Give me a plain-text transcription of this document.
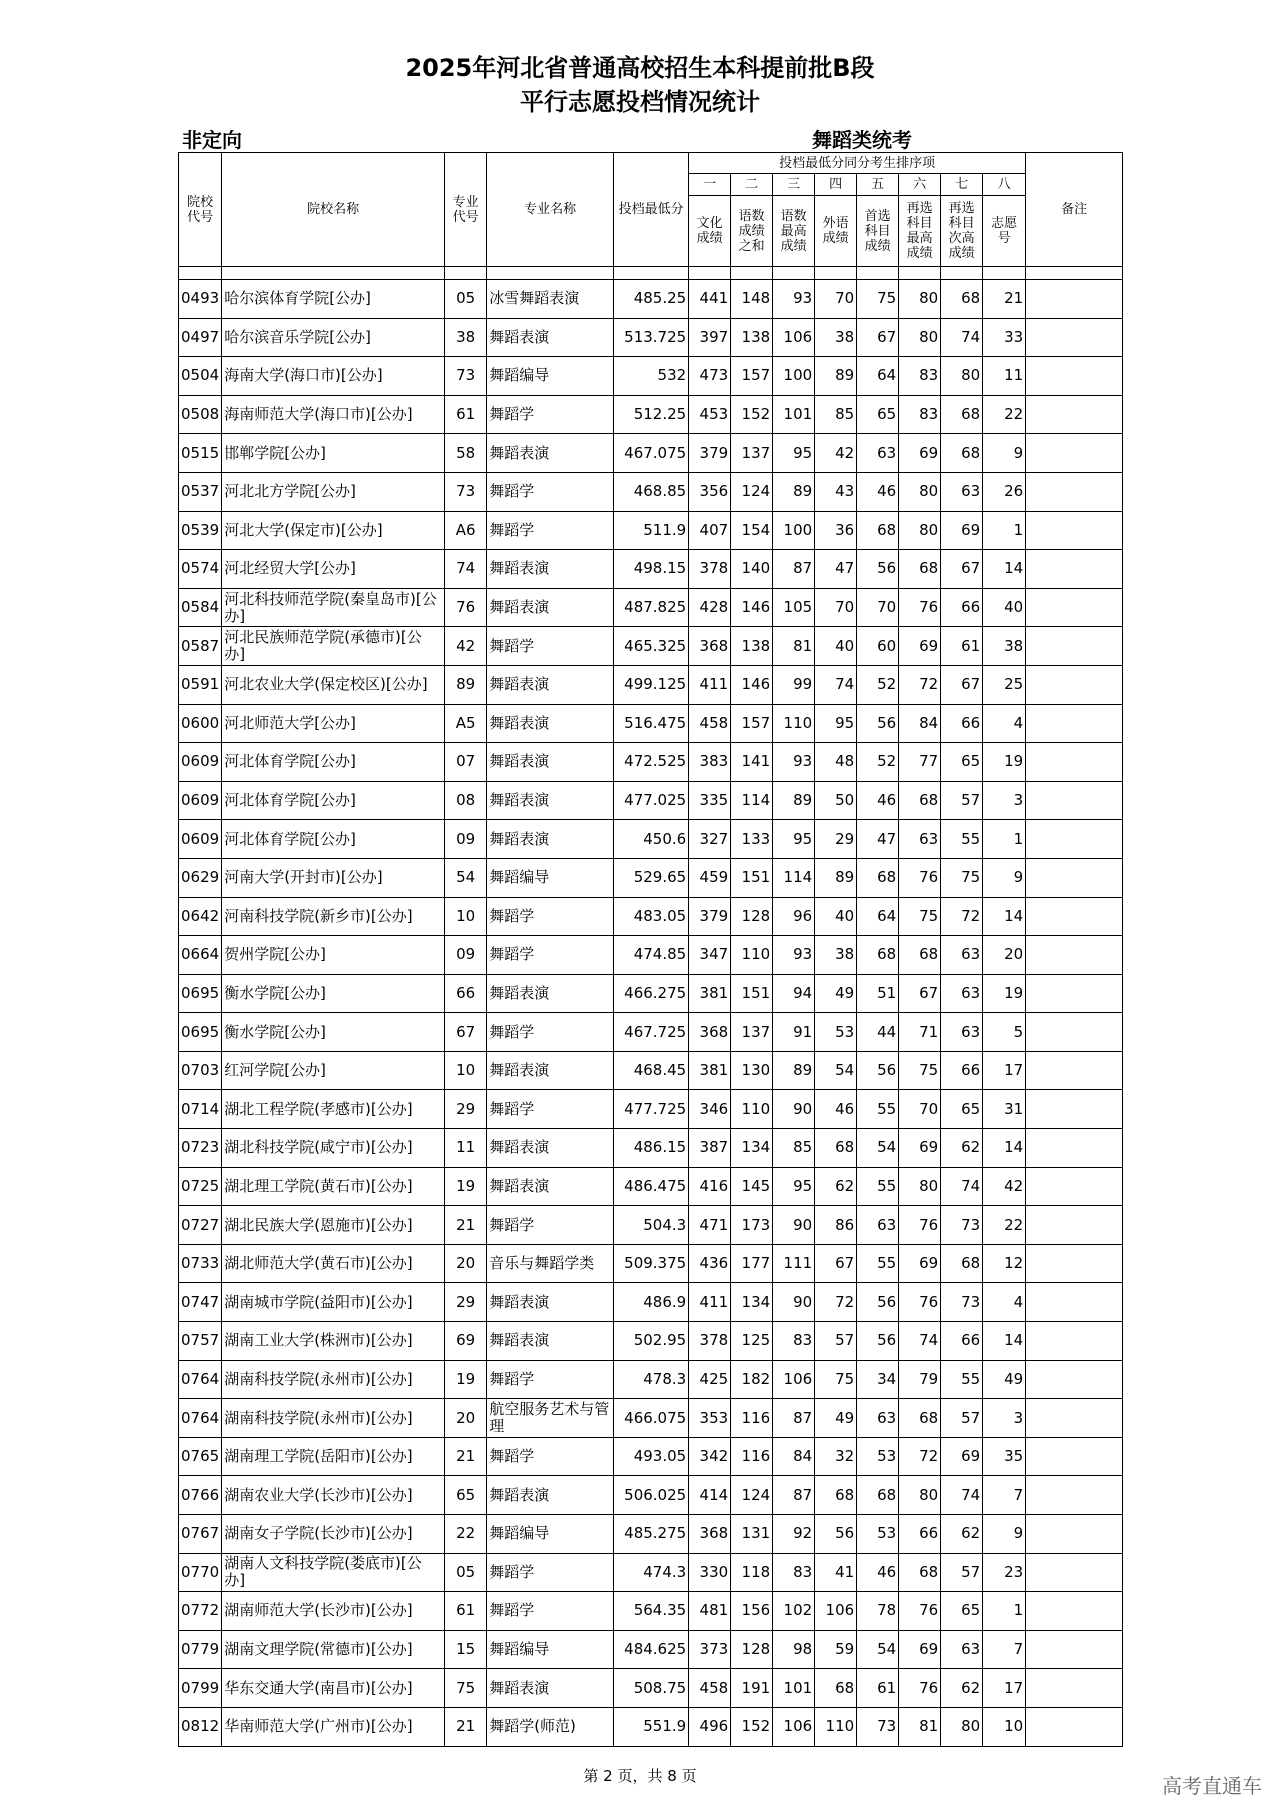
2025年河北省普通高校招生本科提前批B段
平行志愿投档情况统计
非定向	舞蹈类统考
院校代号	院校名称	专业代号	专业名称	投档最低分	投档最低分同分考生排序项								备注
					一	二	三	四	五	六	七	八	
					文化成绩	语数成绩之和	语数最高成绩	外语成绩	首选科目成绩	再选科目最高成绩	再选科目次高成绩	志愿号	

0493	哈尔滨体育学院[公办]	05	冰雪舞蹈表演	485.25	441	148	93	70	75	80	68	21	
0497	哈尔滨音乐学院[公办]	38	舞蹈表演	513.725	397	138	106	38	67	80	74	33	
0504	海南大学(海口市)[公办]	73	舞蹈编导	532	473	157	100	89	64	83	80	11	
0508	海南师范大学(海口市)[公办]	61	舞蹈学	512.25	453	152	101	85	65	83	68	22	
0515	邯郸学院[公办]	58	舞蹈表演	467.075	379	137	95	42	63	69	68	9	
0537	河北北方学院[公办]	73	舞蹈学	468.85	356	124	89	43	46	80	63	26	
0539	河北大学(保定市)[公办]	A6	舞蹈学	511.9	407	154	100	36	68	80	69	1	
0574	河北经贸大学[公办]	74	舞蹈表演	498.15	378	140	87	47	56	68	67	14	
0584	河北科技师范学院(秦皇岛市)[公办]	76	舞蹈表演	487.825	428	146	105	70	70	76	66	40	
0587	河北民族师范学院(承德市)[公办]	42	舞蹈学	465.325	368	138	81	40	60	69	61	38	
0591	河北农业大学(保定校区)[公办]	89	舞蹈表演	499.125	411	146	99	74	52	72	67	25	
0600	河北师范大学[公办]	A5	舞蹈表演	516.475	458	157	110	95	56	84	66	4	
0609	河北体育学院[公办]	07	舞蹈表演	472.525	383	141	93	48	52	77	65	19	
0609	河北体育学院[公办]	08	舞蹈表演	477.025	335	114	89	50	46	68	57	3	
0609	河北体育学院[公办]	09	舞蹈表演	450.6	327	133	95	29	47	63	55	1	
0629	河南大学(开封市)[公办]	54	舞蹈编导	529.65	459	151	114	89	68	76	75	9	
0642	河南科技学院(新乡市)[公办]	10	舞蹈学	483.05	379	128	96	40	64	75	72	14	
0664	贺州学院[公办]	09	舞蹈学	474.85	347	110	93	38	68	68	63	20	
0695	衡水学院[公办]	66	舞蹈表演	466.275	381	151	94	49	51	67	63	19	
0695	衡水学院[公办]	67	舞蹈学	467.725	368	137	91	53	44	71	63	5	
0703	红河学院[公办]	10	舞蹈表演	468.45	381	130	89	54	56	75	66	17	
0714	湖北工程学院(孝感市)[公办]	29	舞蹈学	477.725	346	110	90	46	55	70	65	31	
0723	湖北科技学院(咸宁市)[公办]	11	舞蹈表演	486.15	387	134	85	68	54	69	62	14	
0725	湖北理工学院(黄石市)[公办]	19	舞蹈表演	486.475	416	145	95	62	55	80	74	42	
0727	湖北民族大学(恩施市)[公办]	21	舞蹈学	504.3	471	173	90	86	63	76	73	22	
0733	湖北师范大学(黄石市)[公办]	20	音乐与舞蹈学类	509.375	436	177	111	67	55	69	68	12	
0747	湖南城市学院(益阳市)[公办]	29	舞蹈表演	486.9	411	134	90	72	56	76	73	4	
0757	湖南工业大学(株洲市)[公办]	69	舞蹈表演	502.95	378	125	83	57	56	74	66	14	
0764	湖南科技学院(永州市)[公办]	19	舞蹈学	478.3	425	182	106	75	34	79	55	49	
0764	湖南科技学院(永州市)[公办]	20	航空服务艺术与管理	466.075	353	116	87	49	63	68	57	3	
0765	湖南理工学院(岳阳市)[公办]	21	舞蹈学	493.05	342	116	84	32	53	72	69	35	
0766	湖南农业大学(长沙市)[公办]	65	舞蹈表演	506.025	414	124	87	68	68	80	74	7	
0767	湖南女子学院(长沙市)[公办]	22	舞蹈编导	485.275	368	131	92	56	53	66	62	9	
0770	湖南人文科技学院(娄底市)[公办]	05	舞蹈学	474.3	330	118	83	41	46	68	57	23	
0772	湖南师范大学(长沙市)[公办]	61	舞蹈学	564.35	481	156	102	106	78	76	65	1	
0779	湖南文理学院(常德市)[公办]	15	舞蹈编导	484.625	373	128	98	59	54	69	63	7	
0799	华东交通大学(南昌市)[公办]	75	舞蹈表演	508.75	458	191	101	68	61	76	62	17	
0812	华南师范大学(广州市)[公办]	21	舞蹈学(师范)	551.9	496	152	106	110	73	81	80	10	
第 2 页，共 8 页	高考直通车
